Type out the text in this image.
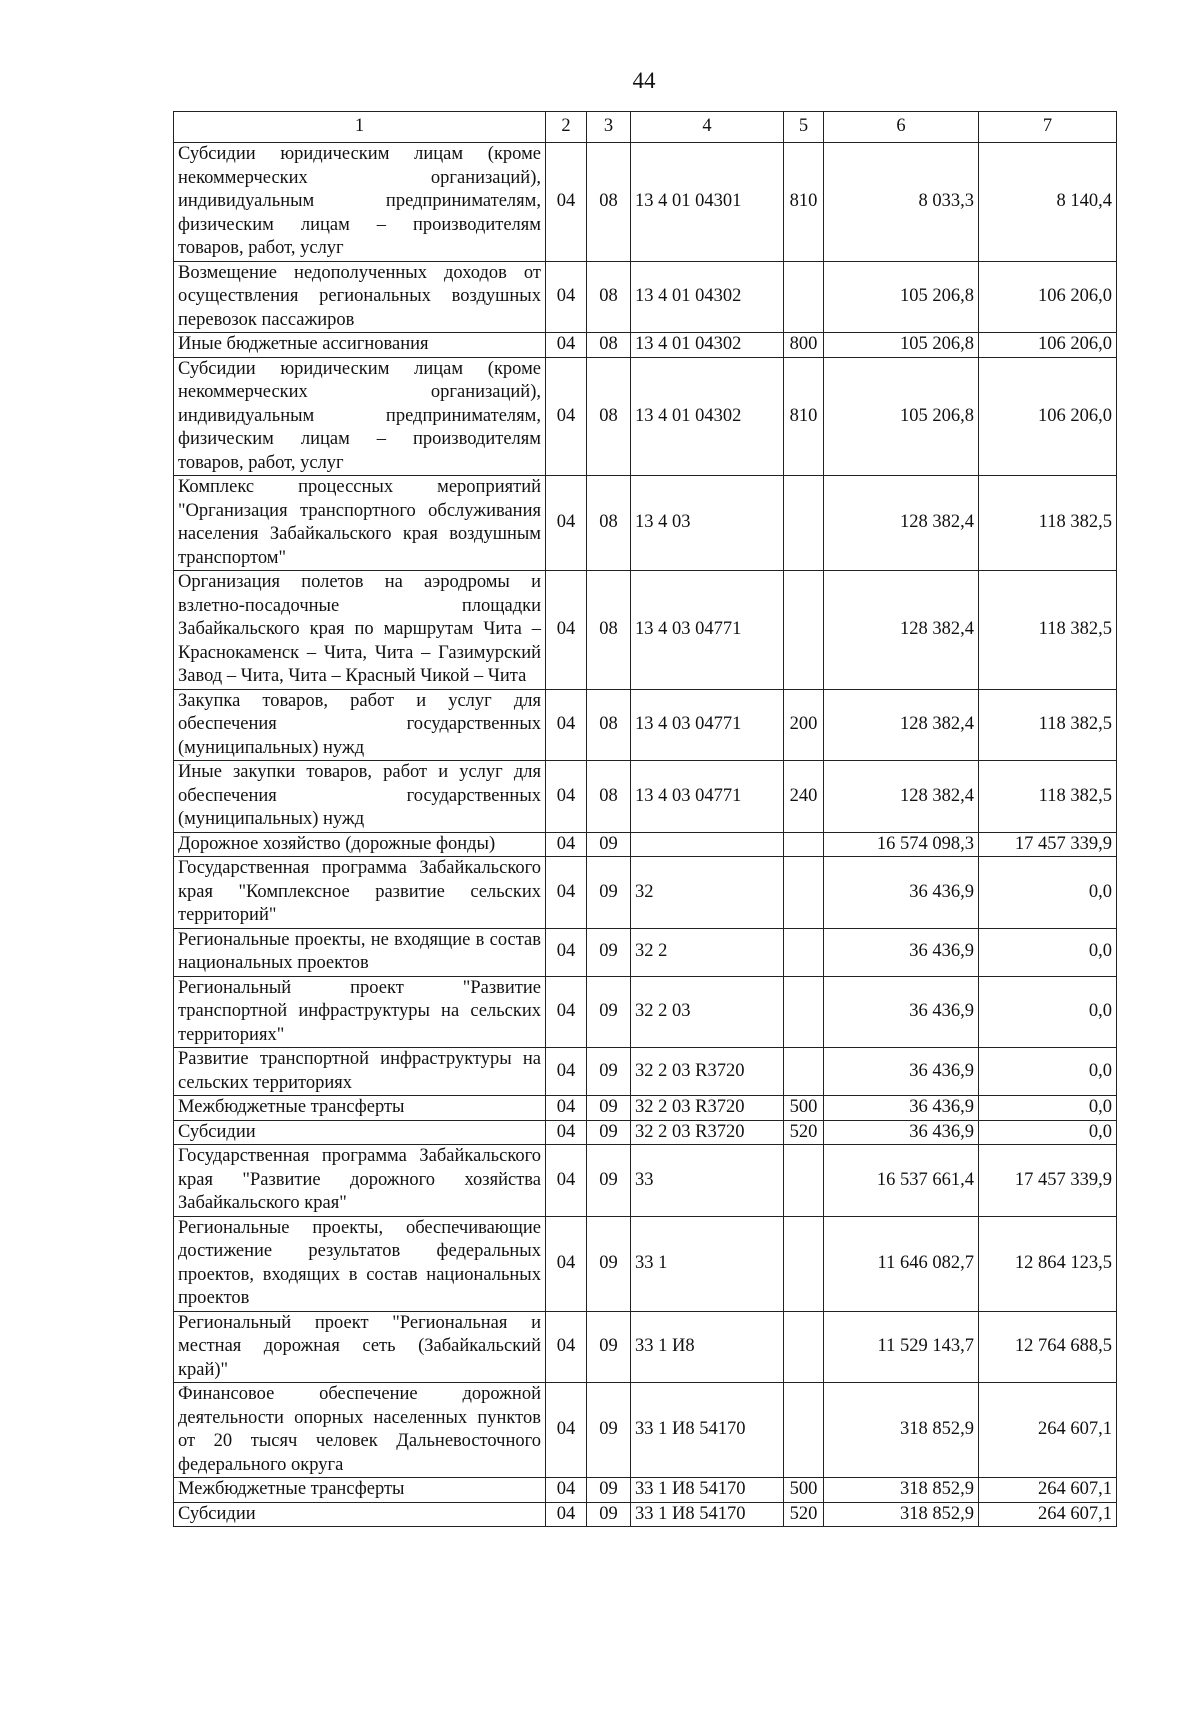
44
1	2	3	4	5	6	7
Субсидии юридическим лицам (кроме некоммерческих организаций), индивидуальным предпринимателям, физическим лицам – производителям товаров, работ, услуг	04	08	13 4 01 04301	810	8 033,3	8 140,4
Возмещение недополученных доходов от осуществления региональных воздушных перевозок пассажиров	04	08	13 4 01 04302		105 206,8	106 206,0
Иные бюджетные ассигнования	04	08	13 4 01 04302	800	105 206,8	106 206,0
Субсидии юридическим лицам (кроме некоммерческих организаций), индивидуальным предпринимателям, физическим лицам – производителям товаров, работ, услуг	04	08	13 4 01 04302	810	105 206,8	106 206,0
Комплекс процессных мероприятий "Организация транспортного обслуживания населения Забайкальского края воздушным транспортом"	04	08	13 4 03		128 382,4	118 382,5
Организация полетов на аэродромы и взлетно-посадочные площадки Забайкальского края по маршрутам Чита – Краснокаменск – Чита, Чита – Газимурский Завод – Чита, Чита – Красный Чикой – Чита	04	08	13 4 03 04771		128 382,4	118 382,5
Закупка товаров, работ и услуг для обеспечения государственных (муниципальных) нужд	04	08	13 4 03 04771	200	128 382,4	118 382,5
Иные закупки товаров, работ и услуг для обеспечения государственных (муниципальных) нужд	04	08	13 4 03 04771	240	128 382,4	118 382,5
Дорожное хозяйство (дорожные фонды)	04	09			16 574 098,3	17 457 339,9
Государственная программа Забайкальского края "Комплексное развитие сельских территорий"	04	09	32		36 436,9	0,0
Региональные проекты, не входящие в состав национальных проектов	04	09	32 2		36 436,9	0,0
Региональный проект "Развитие транспортной инфраструктуры на сельских территориях"	04	09	32 2 03		36 436,9	0,0
Развитие транспортной инфраструктуры на сельских территориях	04	09	32 2 03 R3720		36 436,9	0,0
Межбюджетные трансферты	04	09	32 2 03 R3720	500	36 436,9	0,0
Субсидии	04	09	32 2 03 R3720	520	36 436,9	0,0
Государственная программа Забайкальского края "Развитие дорожного хозяйства Забайкальского края"	04	09	33		16 537 661,4	17 457 339,9
Региональные проекты, обеспечивающие достижение результатов федеральных проектов, входящих в состав национальных проектов	04	09	33 1		11 646 082,7	12 864 123,5
Региональный проект "Региональная и местная дорожная сеть (Забайкальский край)"	04	09	33 1 И8		11 529 143,7	12 764 688,5
Финансовое обеспечение дорожной деятельности опорных населенных пунктов от 20 тысяч человек Дальневосточного федерального округа	04	09	33 1 И8 54170		318 852,9	264 607,1
Межбюджетные трансферты	04	09	33 1 И8 54170	500	318 852,9	264 607,1
Субсидии	04	09	33 1 И8 54170	520	318 852,9	264 607,1
